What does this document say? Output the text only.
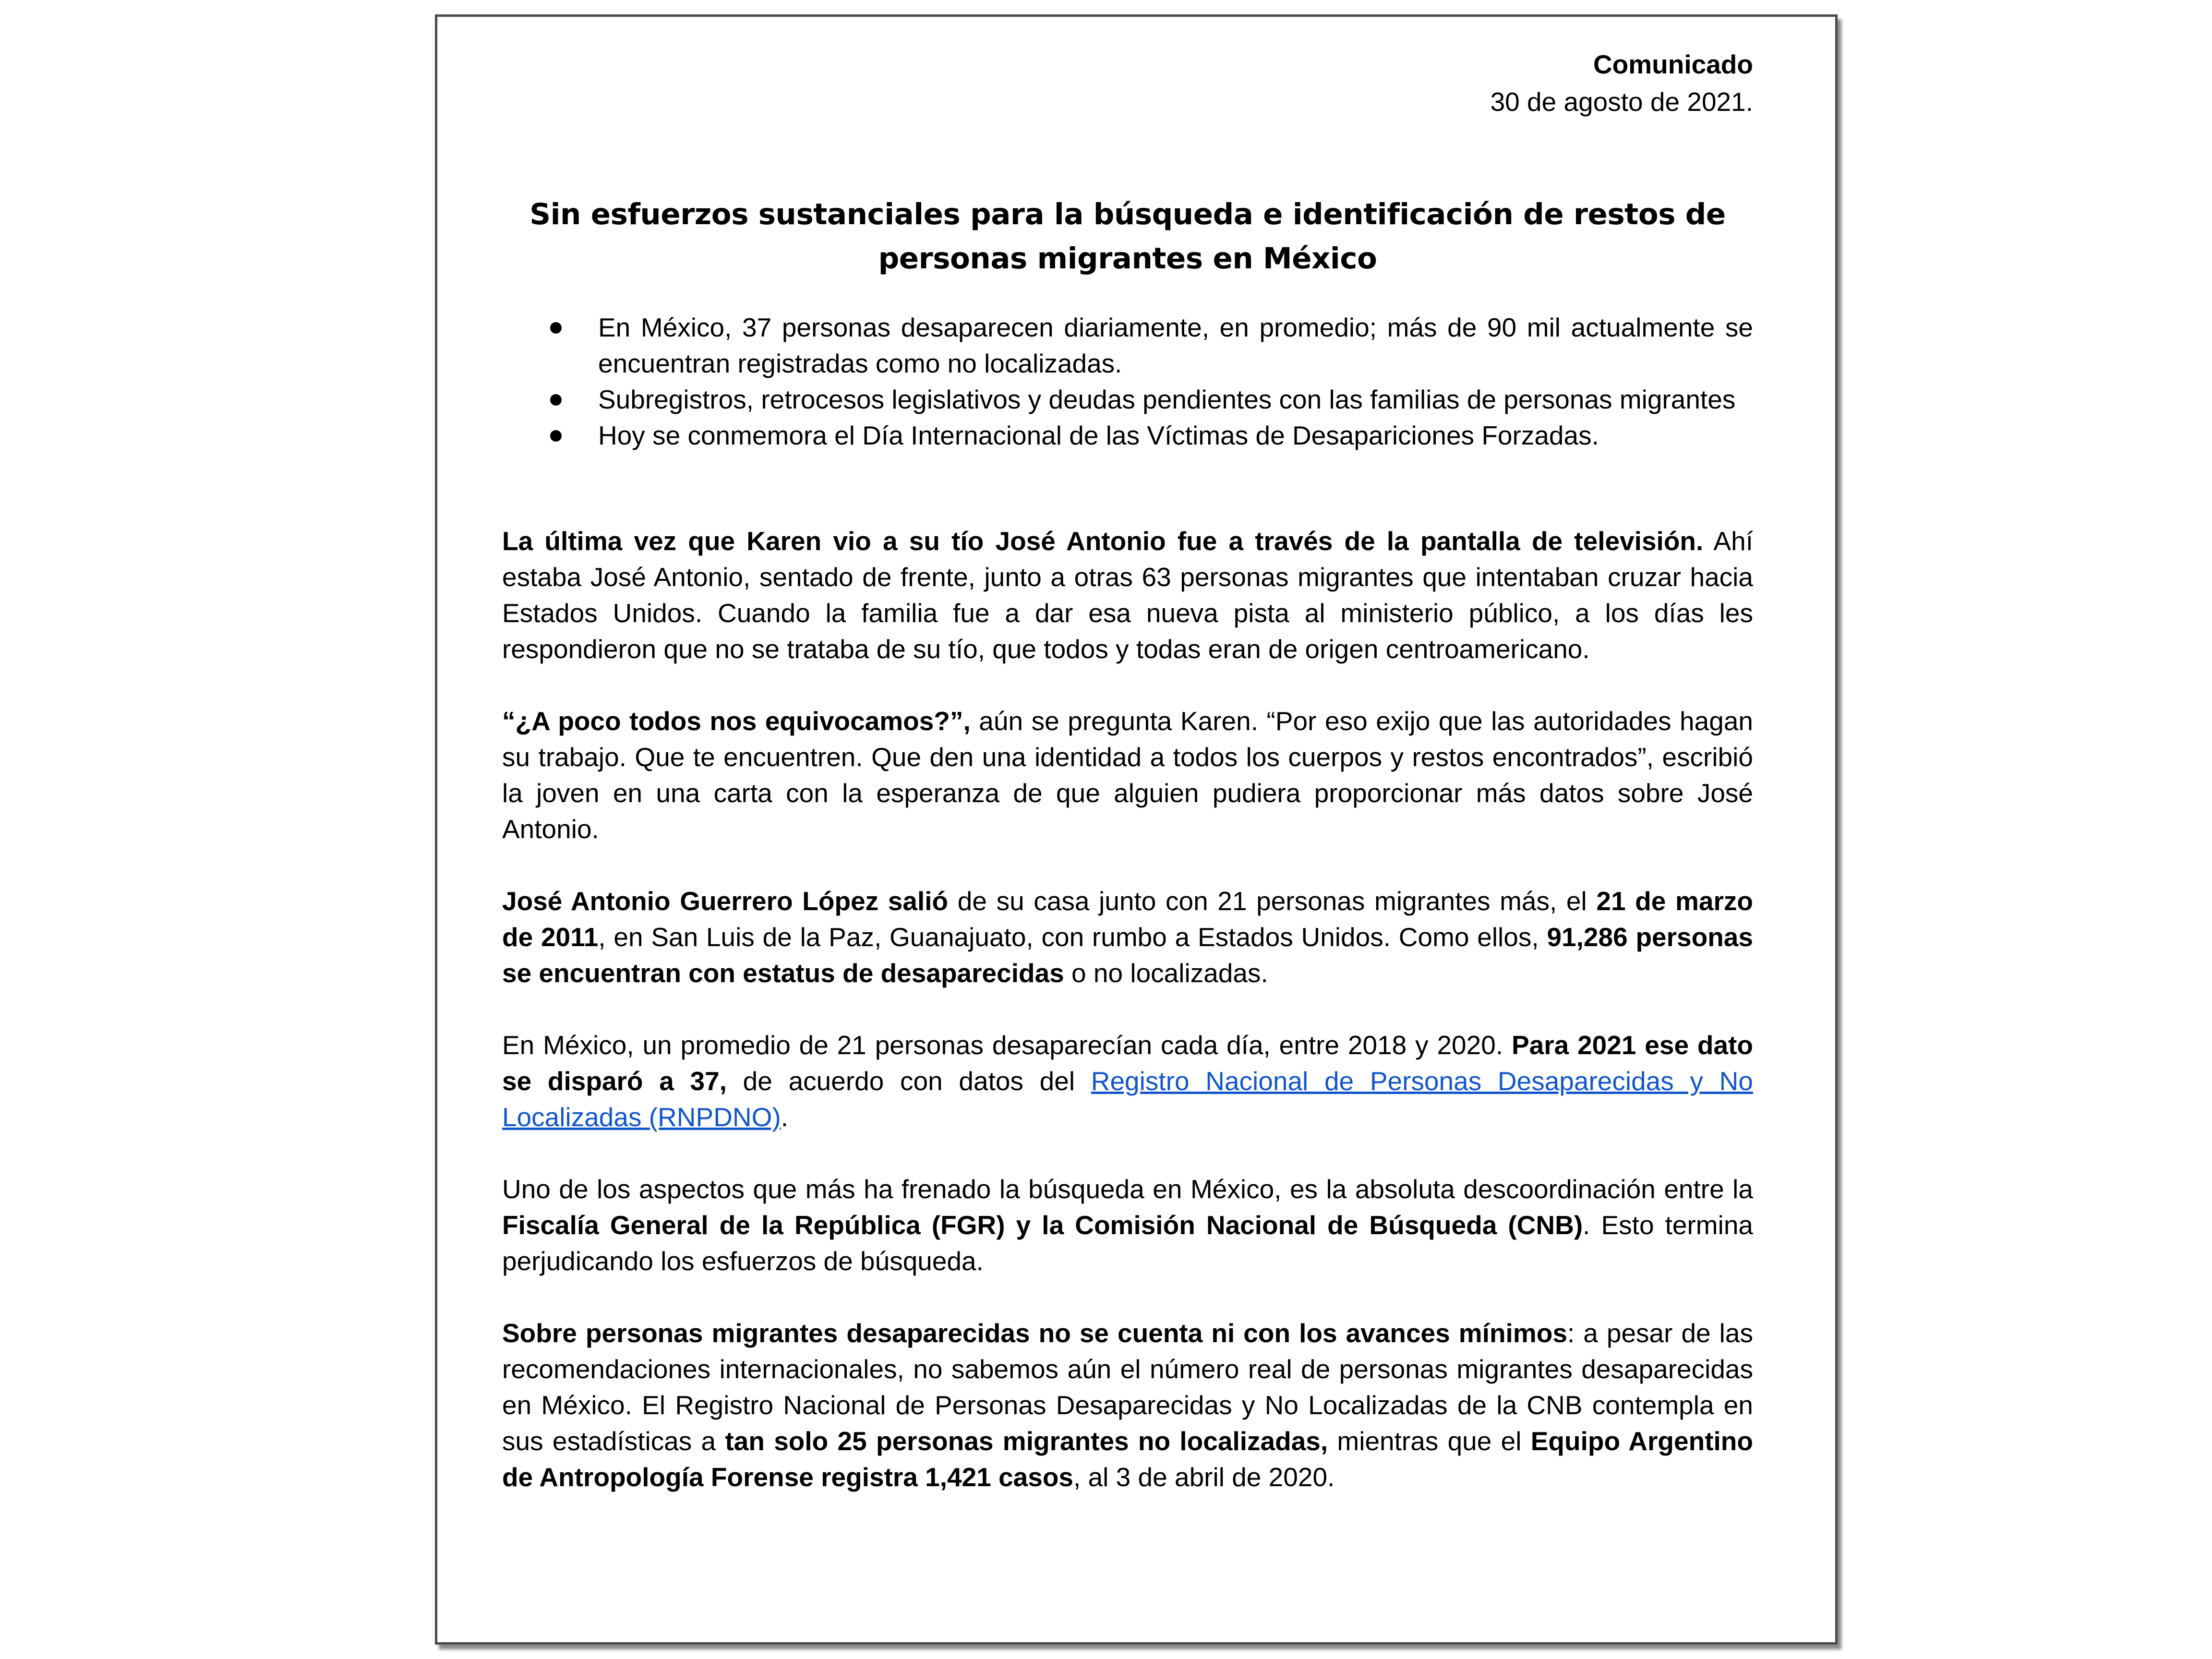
Comunicado
30 de agosto de 2021.
Sin esfuerzos sustanciales para la búsqueda e identificación de restos de
personas migrantes en México
En México, 37 personas desaparecen diariamente, en promedio; más de 90 mil actualmente se encuentran registradas como no localizadas.
Subregistros, retrocesos legislativos y deudas pendientes con las familias de personas migrantes
Hoy se conmemora el Día Internacional de las Víctimas de Desapariciones Forzadas.

La última vez que Karen vio a su tío José Antonio fue a través de la pantalla de televisión. Ahí estaba José Antonio, sentado de frente, junto a otras 63 personas migrantes que intentaban cruzar hacia Estados Unidos. Cuando la familia fue a dar esa nueva pista al ministerio público, a los días les respondieron que no se trataba de su tío, que todos y todas eran de origen centroamericano.

“¿A poco todos nos equivocamos?”, aún se pregunta Karen. “Por eso exijo que las autoridades hagan su trabajo. Que te encuentren. Que den una identidad a todos los cuerpos y restos encontrados”, escribió la joven en una carta con la esperanza de que alguien pudiera proporcionar más datos sobre José Antonio.

José Antonio Guerrero López salió de su casa junto con 21 personas migrantes más, el 21 de marzo de 2011, en San Luis de la Paz, Guanajuato, con rumbo a Estados Unidos. Como ellos, 91,286 personas se encuentran con estatus de desaparecidas o no localizadas.

En México, un promedio de 21 personas desaparecían cada día, entre 2018 y 2020. Para 2021 ese dato se disparó a 37, de acuerdo con datos del Registro Nacional de Personas Desaparecidas y No Localizadas (RNPDNO).

Uno de los aspectos que más ha frenado la búsqueda en México, es la absoluta descoordinación entre la Fiscalía General de la República (FGR) y la Comisión Nacional de Búsqueda (CNB). Esto termina perjudicando los esfuerzos de búsqueda.

Sobre personas migrantes desaparecidas no se cuenta ni con los avances mínimos: a pesar de las recomendaciones internacionales, no sabemos aún el número real de personas migrantes desaparecidas en México. El Registro Nacional de Personas Desaparecidas y No Localizadas de la CNB contempla en sus estadísticas a tan solo 25 personas migrantes no localizadas, mientras que el Equipo Argentino de Antropología Forense registra 1,421 casos, al 3 de abril de 2020.
